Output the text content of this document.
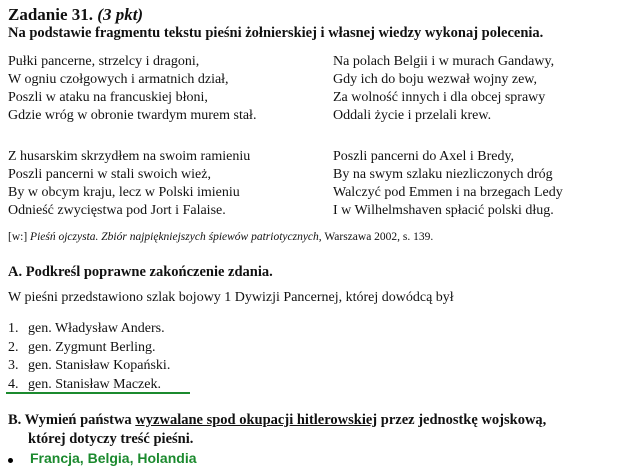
Zadanie 31. (3 pkt)
Na podstawie fragmentu tekstu pieśni żołnierskiej i własnej wiedzy wykonaj polecenia.
Pułki pancerne, strzelcy i dragoni,
W ogniu czołgowych i armatnich dział,
Poszli w ataku na francuskiej błoni,
Gdzie wróg w obronie twardym murem stał.
Na polach Belgii i w murach Gandawy,
Gdy ich do boju wezwał wojny zew,
Za wolność innych i dla obcej sprawy
Oddali życie i przelali krew.
Z husarskim skrzydłem na swoim ramieniu
Poszli pancerni w stali swoich wież,
By w obcym kraju, lecz w Polski imieniu
Odnieść zwycięstwa pod Jort i Falaise.
Poszli pancerni do Axel i Bredy,
By na swym szlaku niezliczonych dróg
Walczyć pod Emmen i na brzegach Ledy
I w Wilhelmshaven spłacić polski dług.
[w:] Pieśń ojczysta. Zbiór najpiękniejszych śpiewów patriotycznych, Warszawa 2002, s. 139.
A. Podkreśl poprawne zakończenie zdania.
W pieśni przedstawiono szlak bojowy 1 Dywizji Pancernej, której dowódcą był
1. gen. Władysław Anders.
2. gen. Zygmunt Berling.
3. gen. Stanisław Kopański.
4. gen. Stanisław Maczek.
B. Wymień państwa wyzwalane spod okupacji hitlerowskiej przez jednostkę wojskową,
której dotyczy treść pieśni.
Francja, Belgia, Holandia
